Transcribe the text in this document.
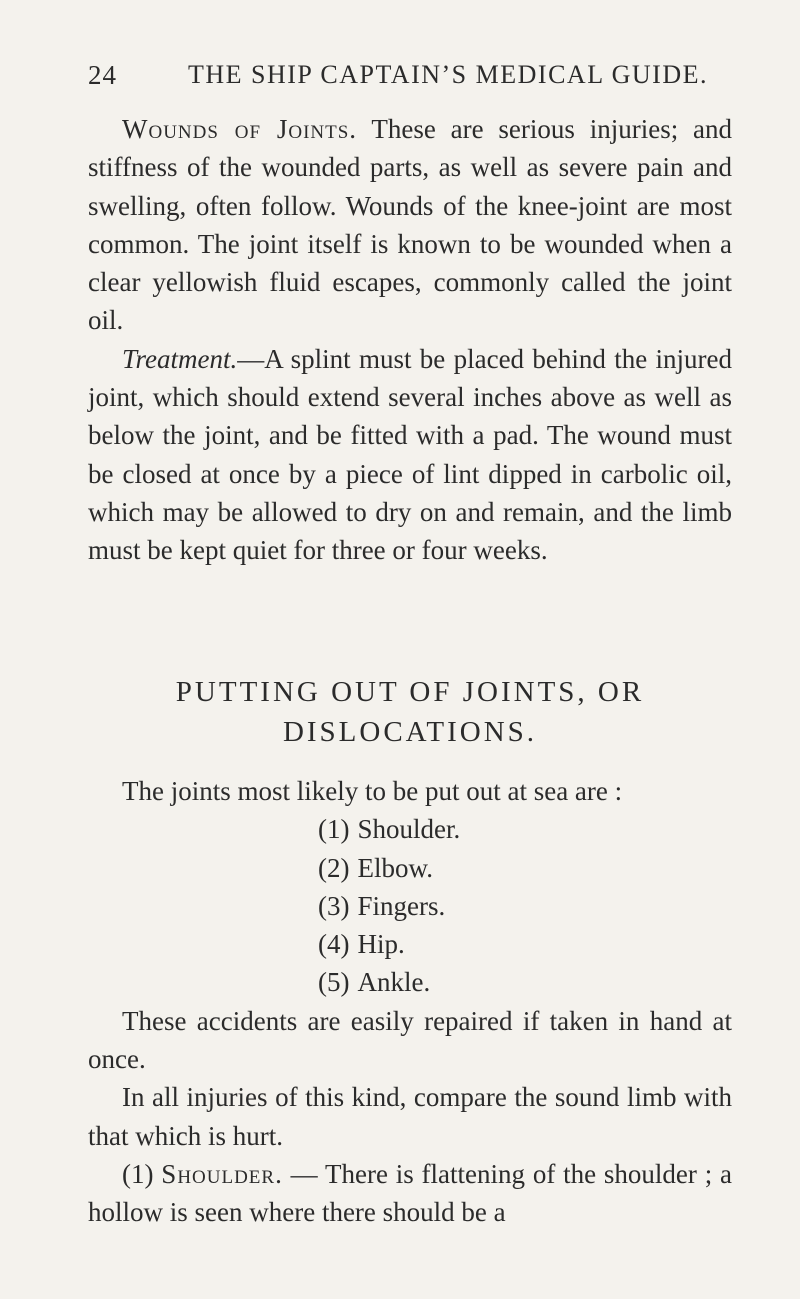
24	THE SHIP CAPTAIN’S MEDICAL GUIDE.

Wounds of Joints. These are serious injuries; and stiffness of the wounded parts, as well as severe pain and swelling, often follow. Wounds of the knee-joint are most common. The joint itself is known to be wounded when a clear yellowish fluid escapes, commonly called the joint oil.

Treatment.—A splint must be placed behind the injured joint, which should extend several inches above as well as below the joint, and be fitted with a pad. The wound must be closed at once by a piece of lint dipped in carbolic oil, which may be allowed to dry on and remain, and the limb must be kept quiet for three or four weeks.

PUTTING OUT OF JOINTS, OR
DISLOCATIONS.

The joints most likely to be put out at sea are :

(1) Shoulder.
(2) Elbow.
(3) Fingers.
(4) Hip.
(5) Ankle.

These accidents are easily repaired if taken in hand at once.

In all injuries of this kind, compare the sound limb with that which is hurt.

(1) Shoulder. — There is flattening of the shoulder ; a hollow is seen where there should be a
